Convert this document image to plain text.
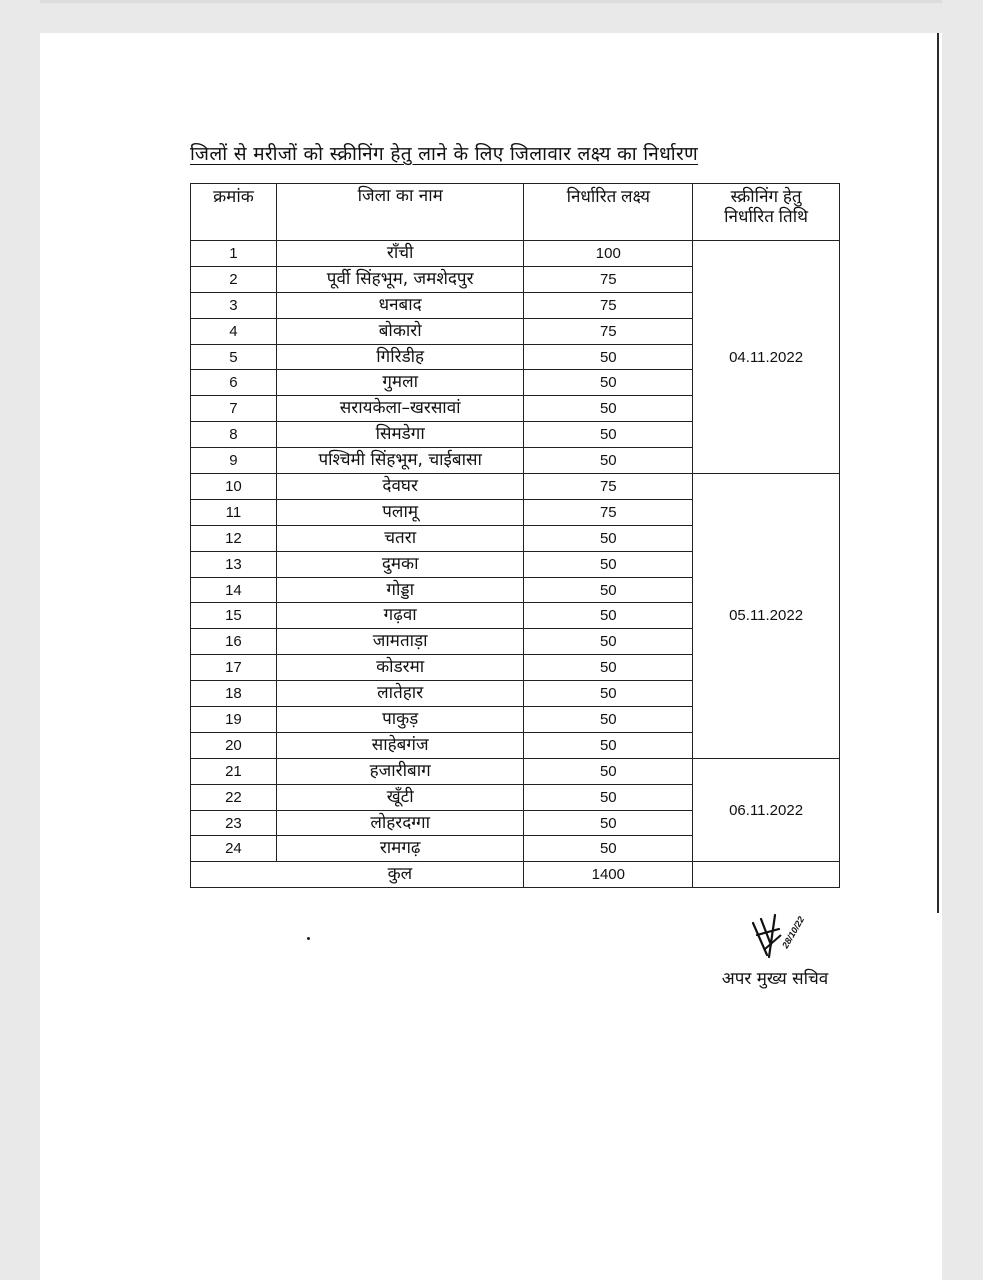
जिलों से मरीजों को स्क्रीनिंग हेतु लाने के लिए जिलावार लक्ष्य का निर्धारण
क्रमांक	जिला का नाम	निर्धारित लक्ष्य	स्क्रीनिंग हेतु
निर्धारित तिथि

1	राँची	100	04.11.2022
2	पूर्वी सिंहभूम, जमशेदपुर	75	
3	धनबाद	75	
4	बोकारो	75	
5	गिरिडीह	50	
6	गुमला	50	
7	सरायकेला–खरसावां	50	
8	सिमडेगा	50	
9	पश्चिमी सिंहभूम, चाईबासा	50	
10	देवघर	75	05.11.2022
11	पलामू	75	
12	चतरा	50	
13	दुमका	50	
14	गोड्डा	50	
15	गढ़वा	50	
16	जामताड़ा	50	
17	कोडरमा	50	
18	लातेहार	50	
19	पाकुड़	50	
20	साहेबगंज	50	
21	हजारीबाग	50	06.11.2022
22	खूँटी	50	
23	लोहरदग्गा	50	
24	रामगढ़	50	
	कुल	1400	
28/10/22
अपर मुख्य सचिव
